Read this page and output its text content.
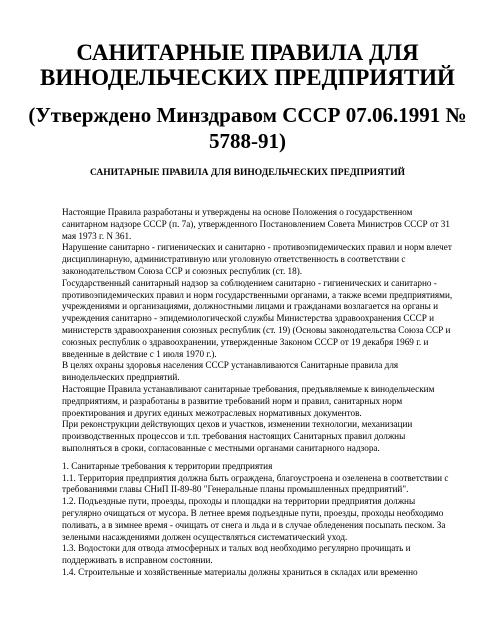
САНИТАРНЫЕ ПРАВИЛА ДЛЯ ВИНОДЕЛЬЧЕСКИХ ПРЕДПРИЯТИЙ
(Утверждено Минздравом СССР 07.06.1991 № 5788-91)
САНИТАРНЫЕ ПРАВИЛА ДЛЯ ВИНОДЕЛЬЧЕСКИХ ПРЕДПРИЯТИЙ

Настоящие Правила разработаны и утверждены на основе Положения о государственном санитарном надзоре СССР (п. 7а), утвержденного Постановлением Совета Министров СССР от 31 мая 1973 г. N 361.

Нарушение санитарно - гигиенических и санитарно - противоэпидемических правил и норм влечет дисциплинарную, административную или уголовную ответственность в соответствии с законодательством Союза ССР и союзных республик (ст. 18).

Государственный санитарный надзор за соблюдением санитарно - гигиенических и санитарно - противоэпидемических правил и норм государственными органами, а также всеми предприятиями, учреждениями и организациями, должностными лицами и гражданами возлагается на органы и учреждения санитарно - эпидемиологической службы Министерства здравоохранения СССР и министерств здравоохранения союзных республик (ст. 19) (Основы законодательства Союза ССР и союзных республик о здравоохранении, утвержденные Законом СССР от 19 декабря 1969 г. и введенные в действие с 1 июля 1970 г.).

В целях охраны здоровья населения СССР устанавливаются Санитарные правила для винодельческих предприятий.

Настоящие Правила устанавливают санитарные требования, предъявляемые к винодельческим предприятиям, и разработаны в развитие требований норм и правил, санитарных норм проектирования и других единых межотраслевых нормативных документов.

При реконструкции действующих цехов и участков, изменении технологии, механизации производственных процессов и т.п. требования настоящих Санитарных правил должны выполняться в сроки, согласованные с местными органами санитарного надзора.

1. Санитарные требования к территории предприятия

1.1. Территория предприятия должна быть ограждена, благоустроена и озеленена в соответствии с требованиями главы СНиП II-89-80 "Генеральные планы промышленных предприятий".

1.2. Подъездные пути, проезды, проходы и площадки на территории предприятия должны регулярно очищаться от мусора. В летнее время подъездные пути, проезды, проходы необходимо поливать, а в зимнее время - очищать от снега и льда и в случае обледенения посыпать песком. За зелеными насаждениями должен осуществляться систематический уход.

1.3. Водостоки для отвода атмосферных и талых вод необходимо регулярно прочищать и поддерживать в исправном состоянии.

1.4. Строительные и хозяйственные материалы должны храниться в складах или временно
